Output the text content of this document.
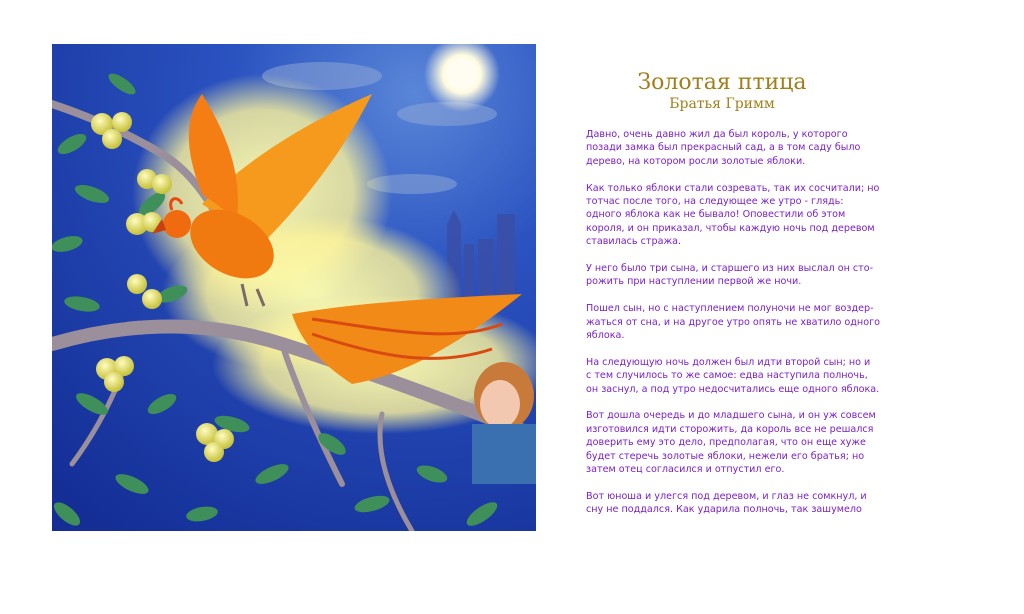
Золотая птица
Братья Гримм

Давно, очень давно жил да был король, у которого
позади замка был прекрасный сад, а в том саду было
дерево, на котором росли золотые яблоки.

Как только яблоки стали созревать, так их сосчитали; но
тотчас после того, на следующее же утро - глядь:
одного яблока как не бывало! Оповестили об этом
короля, и он приказал, чтобы каждую ночь под деревом
ставилась стража.

У него было три сына, и старшего из них выслал он сто-
рожить при наступлении первой же ночи.

Пошел сын, но с наступлением полуночи не мог воздер-
жаться от сна, и на другое утро опять не хватило одного
яблока.

На следующую ночь должен был идти второй сын; но и
с тем случилось то же самое: едва наступила полночь,
он заснул, а под утро недосчитались еще одного яблока.

Вот дошла очередь и до младшего сына, и он уж совсем
изготовился идти сторожить, да король все не решался
доверить ему это дело, предполагая, что он еще хуже
будет стеречь золотые яблоки, нежели его братья; но
затем отец согласился и отпустил его.

Вот юноша и улегся под деревом, и глаз не сомкнул, и
сну не поддался. Как ударила полночь, так зашумело
